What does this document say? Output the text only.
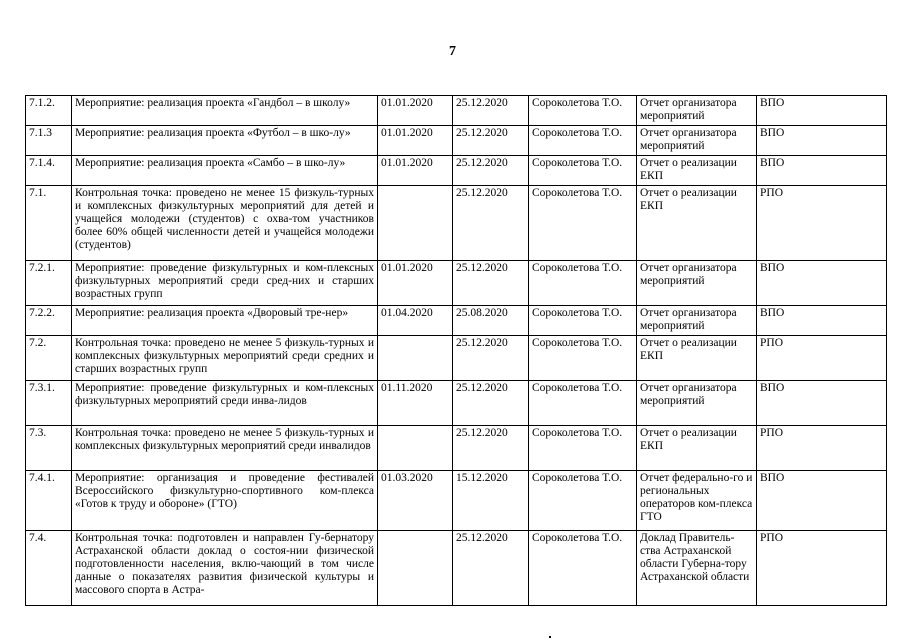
7
7.1.2.	Мероприятие: реализация проекта «Гандбол – в школу»	01.01.2020	25.12.2020	Сороколетова Т.О.	Отчет организатора мероприятий	ВПО
7.1.3	Мероприятие: реализация проекта «Футбол – в шко-лу»	01.01.2020	25.12.2020	Сороколетова Т.О.	Отчет организатора мероприятий	ВПО
7.1.4.	Мероприятие: реализация проекта «Самбо – в шко-лу»	01.01.2020	25.12.2020	Сороколетова Т.О.	Отчет о реализации ЕКП	ВПО
7.1.	Контрольная точка: проведено не менее 15 физкуль-турных и комплексных физкультурных мероприятий для детей и учащейся молодежи (студентов) с охва-том участников более 60% общей численности детей и учащейся молодежи (студентов)		25.12.2020	Сороколетова Т.О.	Отчет о реализации ЕКП	РПО
7.2.1.	Мероприятие: проведение физкультурных и ком-плексных физкультурных мероприятий среди сред-них и старших возрастных групп	01.01.2020	25.12.2020	Сороколетова Т.О.	Отчет организатора мероприятий	ВПО
7.2.2.	Мероприятие: реализация проекта «Дворовый тре-нер»	01.04.2020	25.08.2020	Сороколетова Т.О.	Отчет организатора мероприятий	ВПО
7.2.	Контрольная точка: проведено не менее 5 физкуль-турных и комплексных физкультурных мероприятий среди средних и старших возрастных групп		25.12.2020	Сороколетова Т.О.	Отчет о реализации ЕКП	РПО
7.3.1.	Мероприятие: проведение физкультурных и ком-плексных физкультурных мероприятий среди инва-лидов	01.11.2020	25.12.2020	Сороколетова Т.О.	Отчет организатора мероприятий	ВПО
7.3.	Контрольная точка: проведено не менее 5 физкуль-турных и комплексных физкультурных мероприятий среди инвалидов		25.12.2020	Сороколетова Т.О.	Отчет о реализации ЕКП	РПО
7.4.1.	Мероприятие: организация и проведение фестивалей Всероссийского физкультурно-спортивного ком-плекса «Готов к труду и обороне» (ГТО)	01.03.2020	15.12.2020	Сороколетова Т.О.	Отчет федерально-го и региональных операторов ком-плекса ГТО	ВПО
7.4.	Контрольная точка: подготовлен и направлен Гу-бернатору Астраханской области доклад о состоя-нии физической подготовленности населения, вклю-чающий в том числе данные о показателях развития физической культуры и массового спорта в Астра-		25.12.2020	Сороколетова Т.О.	Доклад Правитель-ства Астраханской области Губерна-тору Астраханской области	РПО
